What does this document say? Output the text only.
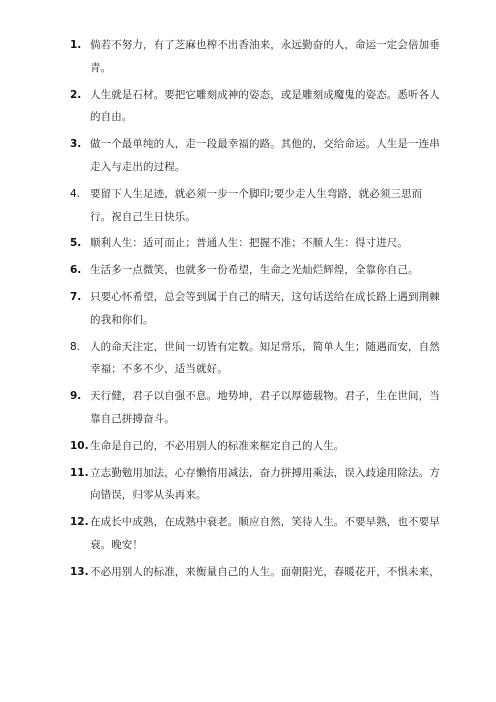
1. 倘若不努力，有了芝麻也榨不出香油来，永远勤奋的人，命运一定会倍加垂青。
2. 人生就是石材。要把它雕刻成神的姿态，或是雕刻成魔鬼的姿态。悉听各人的自由。
3. 做一个最单纯的人，走一段最幸福的路。其他的，交给命运。人生是一连串走入与走出的过程。
4. 要留下人生足迹，就必须一步一个脚印;要少走人生弯路，就必须三思而行。祝自己生日快乐。
5. 顺利人生：适可而止；普通人生：把握不准；不顺人生：得寸进尺。
6. 生活多一点微笑，也就多一份希望，生命之光灿烂辉煌，全靠你自己。
7. 只要心怀希望，总会等到属于自己的晴天，这句话送给在成长路上遇到荆棘的我和你们。
8. 人的命天注定，世间一切皆有定数。知足常乐，简单人生；随遇而安，自然幸福；不多不少，适当就好。
9. 天行健，君子以自强不息。地势坤，君子以厚德载物。君子，生在世间，当靠自己拼搏奋斗。
10. 生命是自己的，不必用别人的标准来框定自己的人生。
11. 立志勤勉用加法，心存懒惰用减法，奋力拼搏用乘法，误入歧途用除法。方向错误，归零从头再来。
12. 在成长中成熟，在成熟中衰老。顺应自然，笑待人生。不要早熟，也不要早衰。晚安！
13. 不必用别人的标准，来衡量自己的人生。面朝阳光，春暖花开，不惧未来，
